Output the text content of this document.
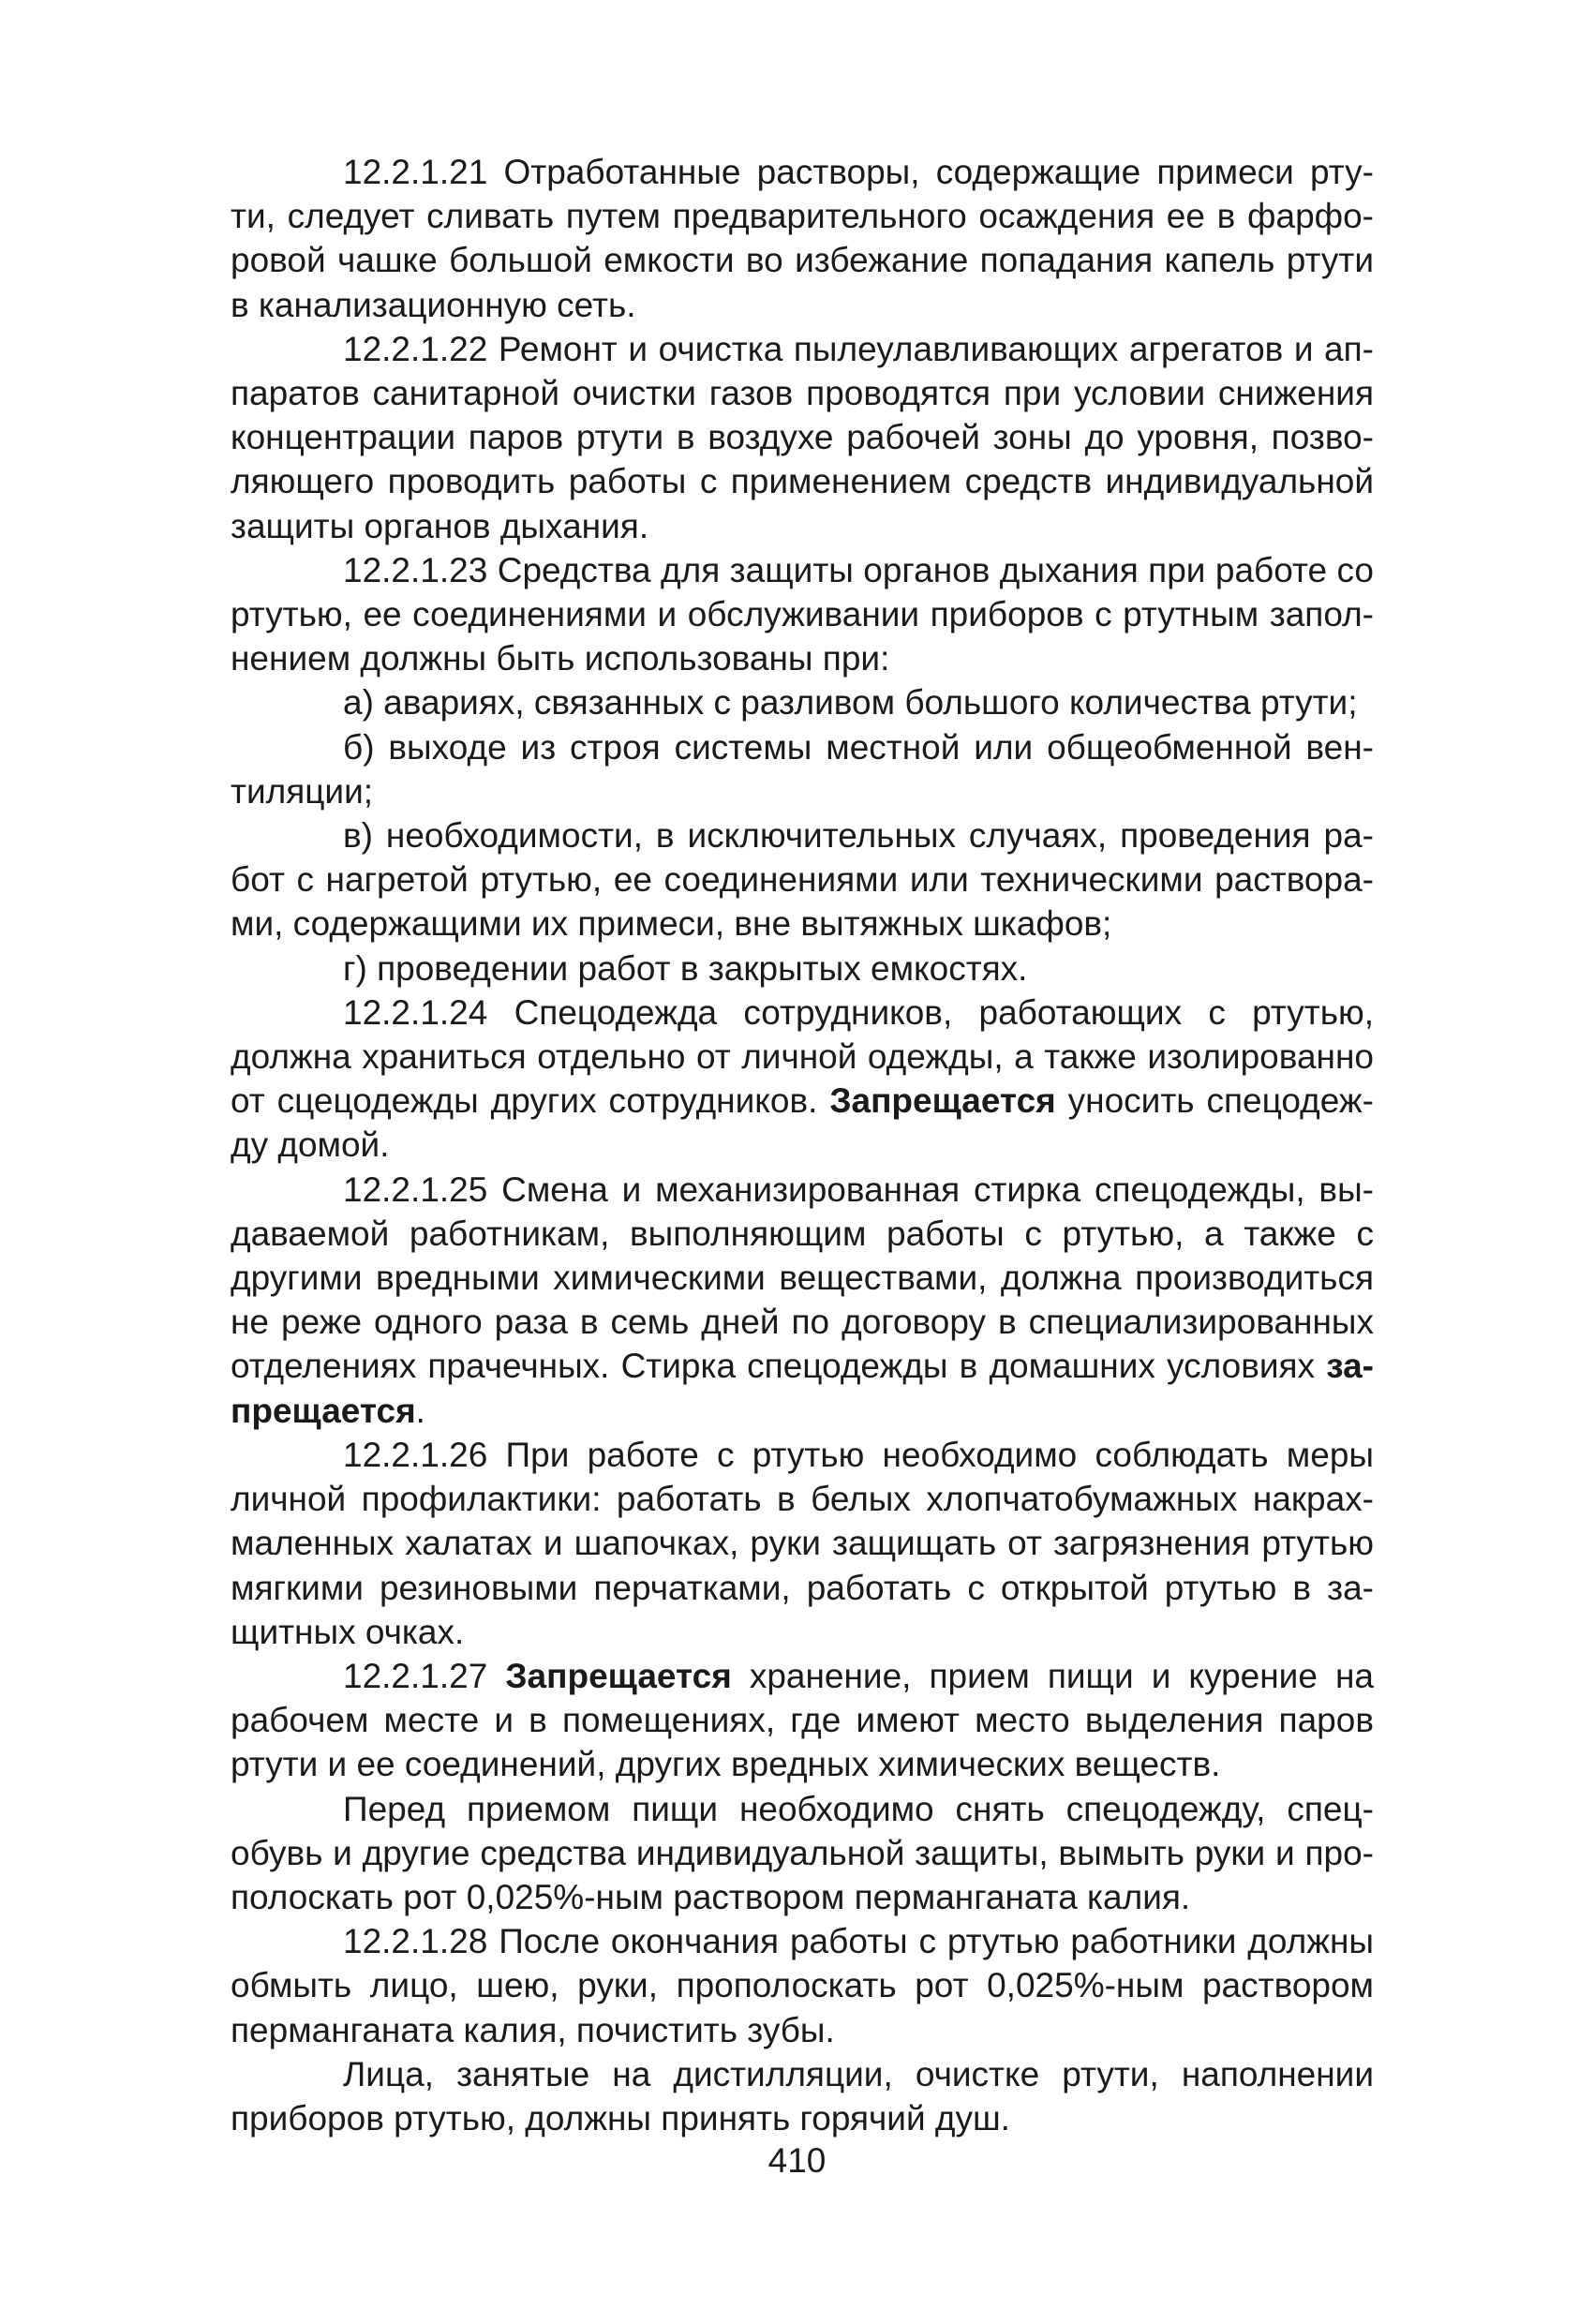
12.2.1.21 Отработанные растворы, содержащие примеси ртути, следует сливать путем предварительного осаждения ее в фарфоровой чашке большой емкости во избежание попадания капель ртути в канализационную сеть.

12.2.1.22 Ремонт и очистка пылеулавливающих агрегатов и аппаратов санитарной очистки газов проводятся при условии снижения концентрации паров ртути в воздухе рабочей зоны до уровня, позволяющего проводить работы с применением средств индивидуальной защиты органов дыхания.

12.2.1.23 Средства для защиты органов дыхания при работе со ртутью, ее соединениями и обслуживании приборов с ртутным заполнением должны быть использованы при:

а) авариях, связанных с разливом большого количества ртути;

б) выходе из строя системы местной или общеобменной вентиляции;

в) необходимости, в исключительных случаях, проведения работ с нагретой ртутью, ее соединениями или техническими растворами, содержащими их примеси, вне вытяжных шкафов;

г) проведении работ в закрытых емкостях.

12.2.1.24 Спецодежда сотрудников, работающих с ртутью, должна храниться отдельно от личной одежды, а также изолированно от сцецодежды других сотрудников. Запрещается уносить спецодежду домой.

12.2.1.25 Смена и механизированная стирка спецодежды, выдаваемой работникам, выполняющим работы с ртутью, а также с другими вредными химическими веществами, должна производиться не реже одного раза в семь дней по договору в специализированных отделениях прачечных. Стирка спецодежды в домашних условиях запрещается.

12.2.1.26 При работе с ртутью необходимо соблюдать меры личной профилактики: работать в белых хлопчатобумажных накрахмаленных халатах и шапочках, руки защищать от загрязнения ртутью мягкими резиновыми перчатками, работать с открытой ртутью в защитных очках.

12.2.1.27 Запрещается хранение, прием пищи и курение на рабочем месте и в помещениях, где имеют место выделения паров ртути и ее соединений, других вредных химических веществ.

Перед приемом пищи необходимо снять спецодежду, спецобувь и другие средства индивидуальной защиты, вымыть руки и прополоскать рот 0,025%-ным раствором перманганата калия.

12.2.1.28 После окончания работы с ртутью работники должны обмыть лицо, шею, руки, прополоскать рот 0,025%-ным раствором перманганата калия, почистить зубы.

Лица, занятые на дистилляции, очистке ртути, наполнении приборов ртутью, должны принять горячий душ.

410
